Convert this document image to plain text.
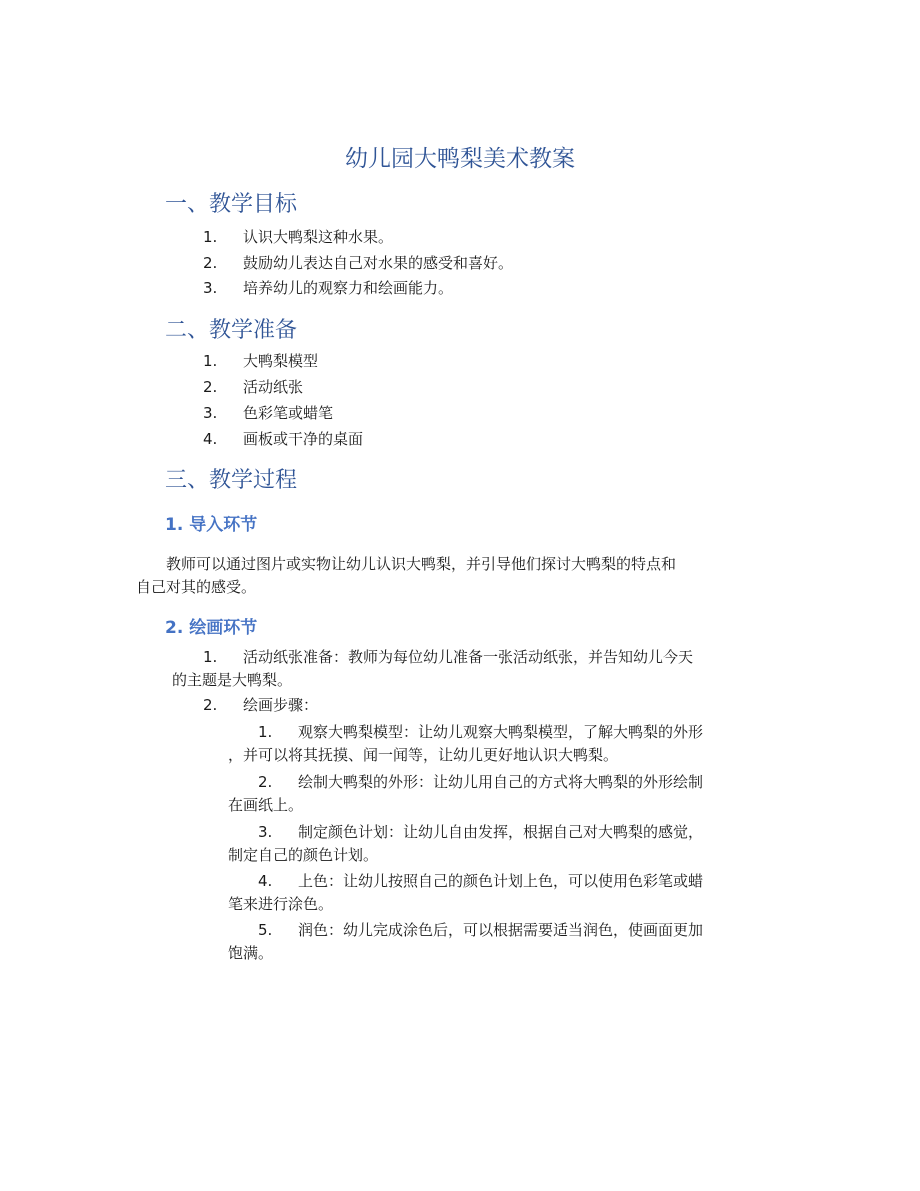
幼儿园大鸭梨美术教案
一、教学目标
1. 认识大鸭梨这种水果。
2. 鼓励幼儿表达自己对水果的感受和喜好。
3. 培养幼儿的观察力和绘画能力。
二、教学准备
1. 大鸭梨模型
2. 活动纸张
3. 色彩笔或蜡笔
4. 画板或干净的桌面
三、教学过程
1. 导入环节
教师可以通过图片或实物让幼儿认识大鸭梨，并引导他们探讨大鸭梨的特点和
自己对其的感受。
2. 绘画环节
1. 活动纸张准备：教师为每位幼儿准备一张活动纸张，并告知幼儿今天
的主题是大鸭梨。
2. 绘画步骤：
1. 观察大鸭梨模型：让幼儿观察大鸭梨模型，了解大鸭梨的外形
，并可以将其抚摸、闻一闻等，让幼儿更好地认识大鸭梨。
2. 绘制大鸭梨的外形：让幼儿用自己的方式将大鸭梨的外形绘制
在画纸上。
3. 制定颜色计划：让幼儿自由发挥，根据自己对大鸭梨的感觉，
制定自己的颜色计划。
4. 上色：让幼儿按照自己的颜色计划上色，可以使用色彩笔或蜡
笔来进行涂色。
5. 润色：幼儿完成涂色后，可以根据需要适当润色，使画面更加
饱满。
